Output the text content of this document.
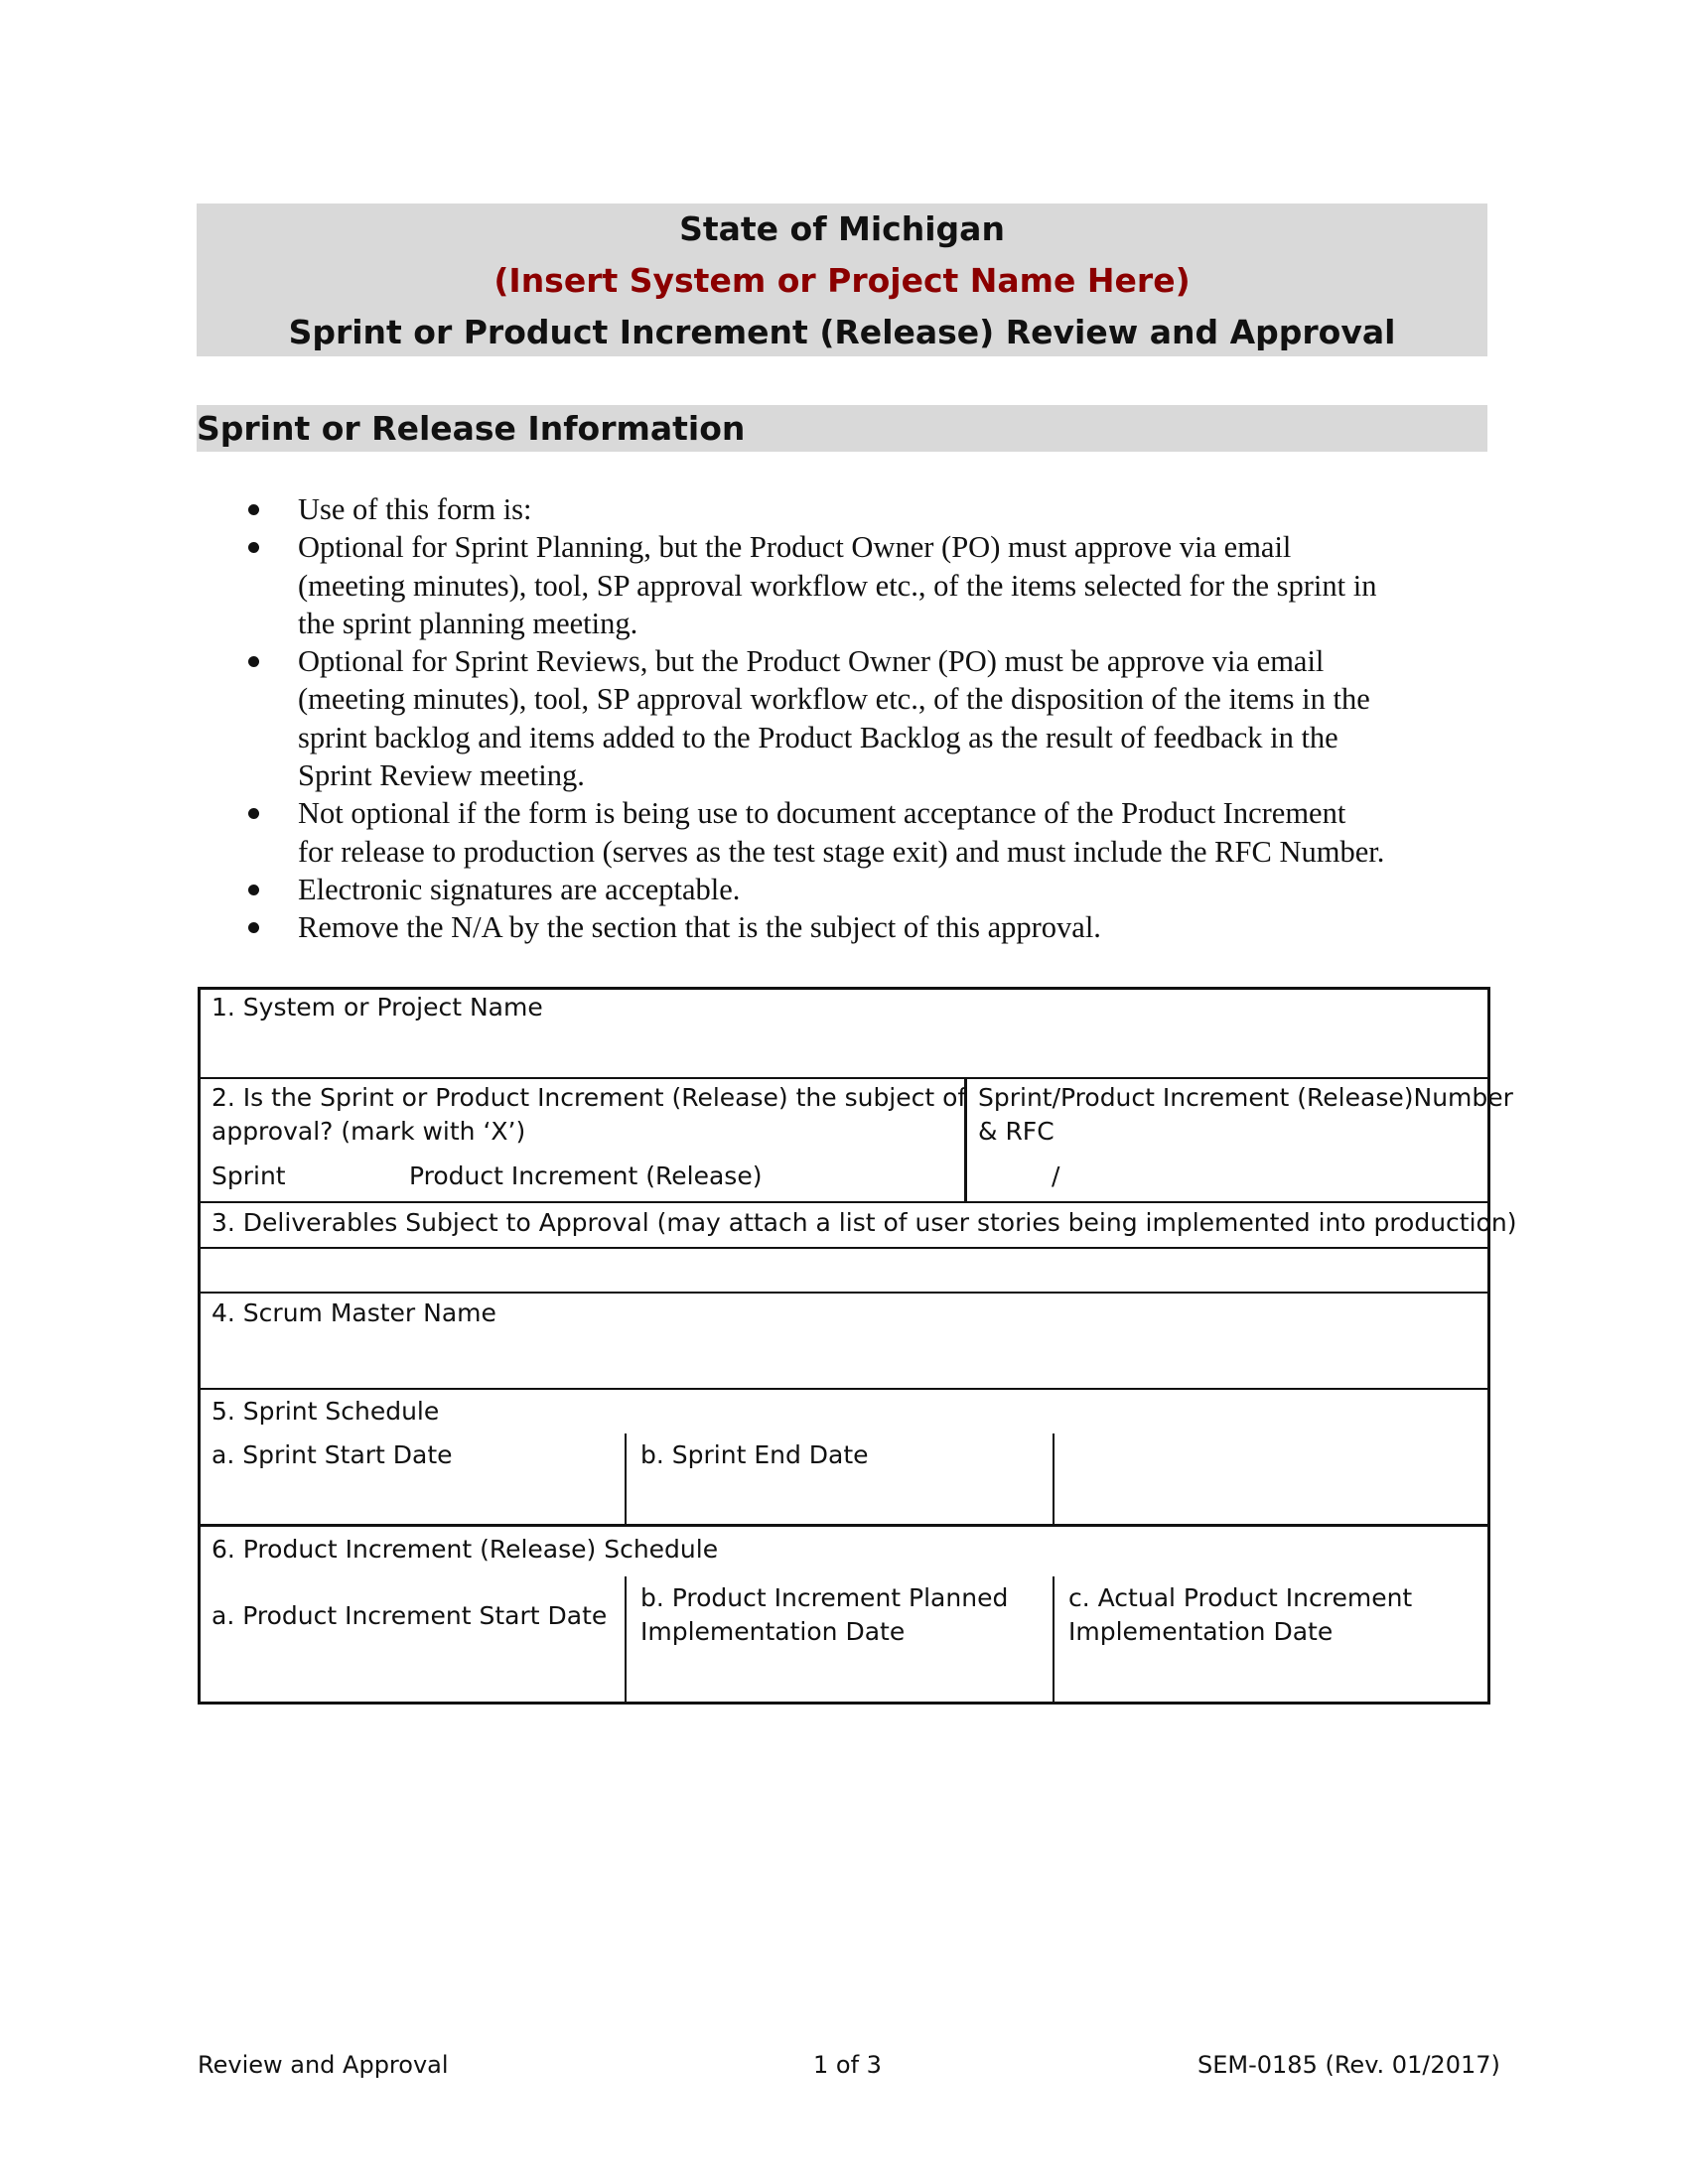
State of Michigan
(Insert System or Project Name Here)
Sprint or Product Increment (Release) Review and Approval
Sprint or Release Information
Use of this form is:
Optional for Sprint Planning, but the Product Owner (PO) must approve via email
(meeting minutes), tool, SP approval workflow etc., of the items selected for the sprint in
the sprint planning meeting.
Optional for Sprint Reviews, but the Product Owner (PO) must be approve via email
(meeting minutes), tool, SP approval workflow etc., of the disposition of the items in the
sprint backlog and items added to the Product Backlog as the result of feedback in the
Sprint Review meeting.
Not optional if the form is being use to document acceptance of the Product Increment
for release to production (serves as the test stage exit) and must include the RFC Number.
Electronic signatures are acceptable.
Remove the N/A by the section that is the subject of this approval.
1. System or Project Name
2. Is the Sprint or Product Increment (Release) the subject of
approval? (mark with ‘X’)
Sprint	Product Increment (Release)
Sprint/Product Increment (Release)Number
& RFC
/
3. Deliverables Subject to Approval (may attach a list of user stories being implemented into production)
4. Scrum Master Name
5. Sprint Schedule
a. Sprint Start Date	b. Sprint End Date
6. Product Increment (Release) Schedule
a. Product Increment Start Date
b. Product Increment Planned
Implementation Date
c. Actual Product Increment
Implementation Date
Review and Approval	1 of 3	SEM-0185 (Rev. 01/2017)
